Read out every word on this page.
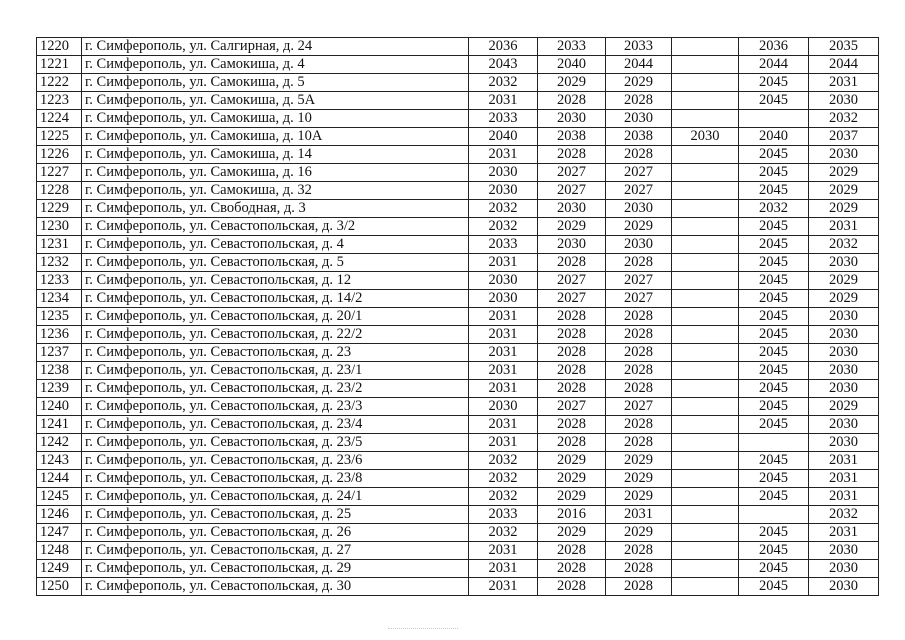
1220	г. Симферополь, ул. Салгирная, д. 24	2036	2033	2033		2036	2035
1221	г. Симферополь, ул. Самокиша, д. 4	2043	2040	2044		2044	2044
1222	г. Симферополь, ул. Самокиша, д. 5	2032	2029	2029		2045	2031
1223	г. Симферополь, ул. Самокиша, д. 5А	2031	2028	2028		2045	2030
1224	г. Симферополь, ул. Самокиша, д. 10	2033	2030	2030			2032
1225	г. Симферополь, ул. Самокиша, д. 10А	2040	2038	2038	2030	2040	2037
1226	г. Симферополь, ул. Самокиша, д. 14	2031	2028	2028		2045	2030
1227	г. Симферополь, ул. Самокиша, д. 16	2030	2027	2027		2045	2029
1228	г. Симферополь, ул. Самокиша, д. 32	2030	2027	2027		2045	2029
1229	г. Симферополь, ул. Свободная, д. 3	2032	2030	2030		2032	2029
1230	г. Симферополь, ул. Севастопольская, д. 3/2	2032	2029	2029		2045	2031
1231	г. Симферополь, ул. Севастопольская, д. 4	2033	2030	2030		2045	2032
1232	г. Симферополь, ул. Севастопольская, д. 5	2031	2028	2028		2045	2030
1233	г. Симферополь, ул. Севастопольская, д. 12	2030	2027	2027		2045	2029
1234	г. Симферополь, ул. Севастопольская, д. 14/2	2030	2027	2027		2045	2029
1235	г. Симферополь, ул. Севастопольская, д. 20/1	2031	2028	2028		2045	2030
1236	г. Симферополь, ул. Севастопольская, д. 22/2	2031	2028	2028		2045	2030
1237	г. Симферополь, ул. Севастопольская, д. 23	2031	2028	2028		2045	2030
1238	г. Симферополь, ул. Севастопольская, д. 23/1	2031	2028	2028		2045	2030
1239	г. Симферополь, ул. Севастопольская, д. 23/2	2031	2028	2028		2045	2030
1240	г. Симферополь, ул. Севастопольская, д. 23/3	2030	2027	2027		2045	2029
1241	г. Симферополь, ул. Севастопольская, д. 23/4	2031	2028	2028		2045	2030
1242	г. Симферополь, ул. Севастопольская, д. 23/5	2031	2028	2028			2030
1243	г. Симферополь, ул. Севастопольская, д. 23/6	2032	2029	2029		2045	2031
1244	г. Симферополь, ул. Севастопольская, д. 23/8	2032	2029	2029		2045	2031
1245	г. Симферополь, ул. Севастопольская, д. 24/1	2032	2029	2029		2045	2031
1246	г. Симферополь, ул. Севастопольская, д. 25	2033	2016	2031			2032
1247	г. Симферополь, ул. Севастопольская, д. 26	2032	2029	2029		2045	2031
1248	г. Симферополь, ул. Севастопольская, д. 27	2031	2028	2028		2045	2030
1249	г. Симферополь, ул. Севастопольская, д. 29	2031	2028	2028		2045	2030
1250	г. Симферополь, ул. Севастопольская, д. 30	2031	2028	2028		2045	2030
